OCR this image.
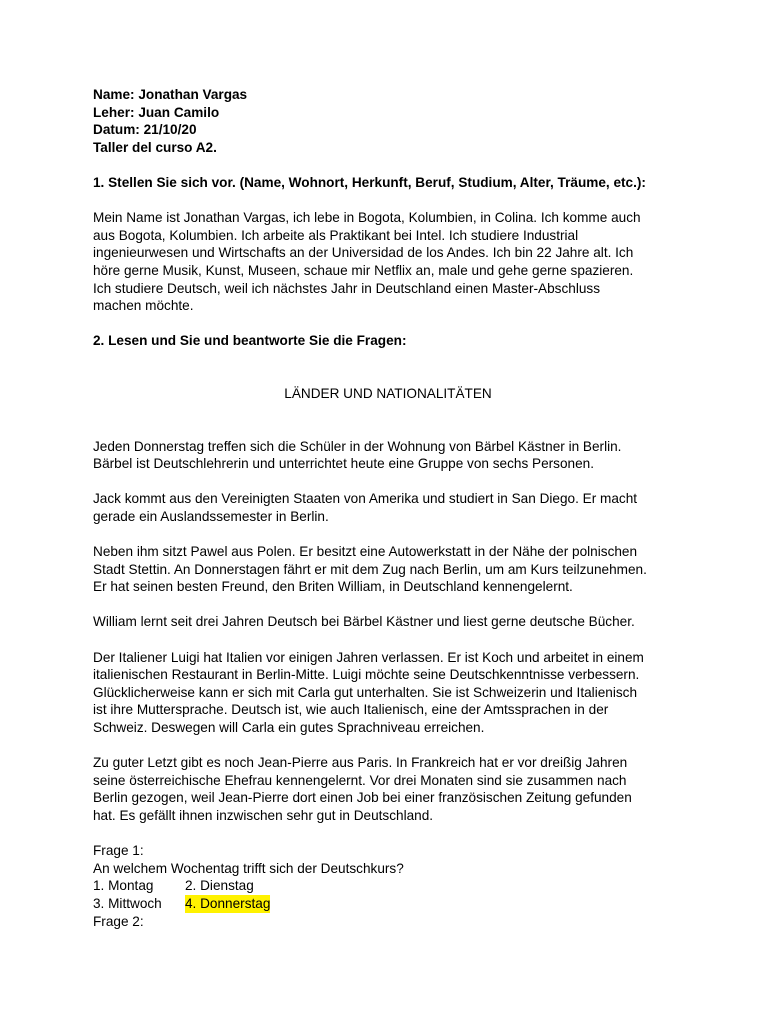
Name: Jonathan Vargas

Leher: Juan Camilo

Datum: 21/10/20

Taller del curso A2.

1. Stellen Sie sich vor. (Name, Wohnort, Herkunft, Beruf, Studium, Alter, Träume, etc.):

Mein Name ist Jonathan Vargas, ich lebe in Bogota, Kolumbien, in Colina. Ich komme auch

aus Bogota, Kolumbien. Ich arbeite als Praktikant bei Intel. Ich studiere Industrial

ingenieurwesen und Wirtschafts an der Universidad de los Andes. Ich bin 22 Jahre alt. Ich

höre gerne Musik, Kunst, Museen, schaue mir Netflix an, male und gehe gerne spazieren.

Ich studiere Deutsch, weil ich nächstes Jahr in Deutschland einen Master-Abschluss

machen möchte.

2. Lesen und Sie und beantworte Sie die Fragen:

LÄNDER UND NATIONALITÄTEN

Jeden Donnerstag treffen sich die Schüler in der Wohnung von Bärbel Kästner in Berlin.

Bärbel ist Deutschlehrerin und unterrichtet heute eine Gruppe von sechs Personen.

Jack kommt aus den Vereinigten Staaten von Amerika und studiert in San Diego. Er macht

gerade ein Auslandssemester in Berlin.

Neben ihm sitzt Pawel aus Polen. Er besitzt eine Autowerkstatt in der Nähe der polnischen

Stadt Stettin. An Donnerstagen fährt er mit dem Zug nach Berlin, um am Kurs teilzunehmen.

Er hat seinen besten Freund, den Briten William, in Deutschland kennengelernt.

William lernt seit drei Jahren Deutsch bei Bärbel Kästner und liest gerne deutsche Bücher.

Der Italiener Luigi hat Italien vor einigen Jahren verlassen. Er ist Koch und arbeitet in einem

italienischen Restaurant in Berlin-Mitte. Luigi möchte seine Deutschkenntnisse verbessern.

Glücklicherweise kann er sich mit Carla gut unterhalten. Sie ist Schweizerin und Italienisch

ist ihre Muttersprache. Deutsch ist, wie auch Italienisch, eine der Amtssprachen in der

Schweiz. Deswegen will Carla ein gutes Sprachniveau erreichen.

Zu guter Letzt gibt es noch Jean-Pierre aus Paris. In Frankreich hat er vor dreißig Jahren

seine österreichische Ehefrau kennengelernt. Vor drei Monaten sind sie zusammen nach

Berlin gezogen, weil Jean-Pierre dort einen Job bei einer französischen Zeitung gefunden

hat. Es gefällt ihnen inzwischen sehr gut in Deutschland.

Frage 1:

An welchem Wochentag trifft sich der Deutschkurs?

1. Montag 2. Dienstag

3. Mittwoch 4. Donnerstag

Frage 2:
